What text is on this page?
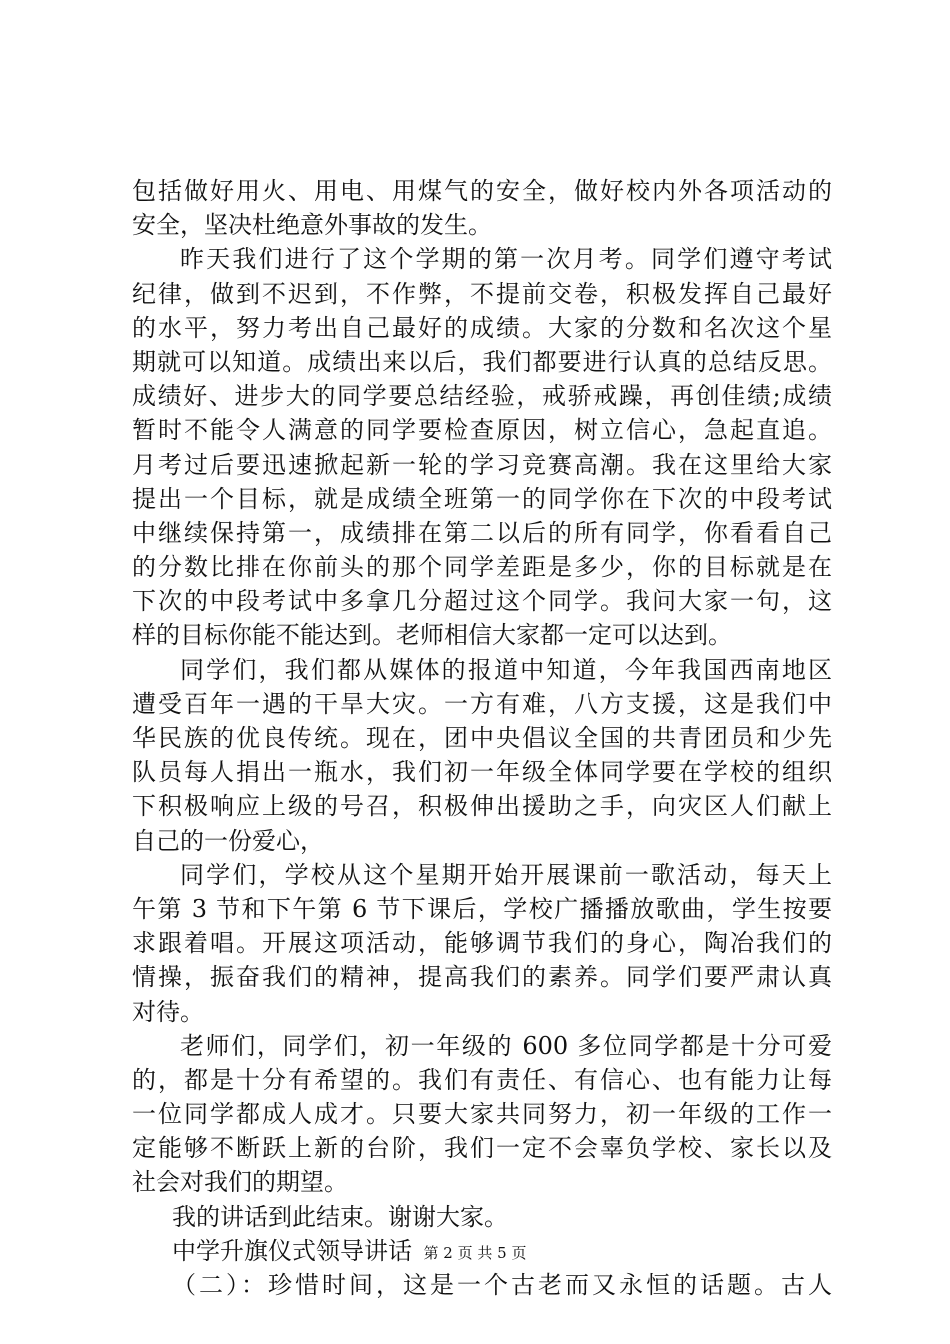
包括做好用火、用电、用煤气的安全，做好校内外各项活动的
安全，坚决杜绝意外事故的发生。
昨天我们进行了这个学期的第一次月考。同学们遵守考试
纪律，做到不迟到，不作弊，不提前交卷，积极发挥自己最好
的水平，努力考出自己最好的成绩。大家的分数和名次这个星
期就可以知道。成绩出来以后，我们都要进行认真的总结反思。
成绩好、进步大的同学要总结经验，戒骄戒躁，再创佳绩;成绩
暂时不能令人满意的同学要检查原因，树立信心，急起直追。
月考过后要迅速掀起新一轮的学习竞赛高潮。我在这里给大家
提出一个目标，就是成绩全班第一的同学你在下次的中段考试
中继续保持第一，成绩排在第二以后的所有同学，你看看自己
的分数比排在你前头的那个同学差距是多少，你的目标就是在
下次的中段考试中多拿几分超过这个同学。我问大家一句，这
样的目标你能不能达到。老师相信大家都一定可以达到。
同学们，我们都从媒体的报道中知道，今年我国西南地区
遭受百年一遇的干旱大灾。一方有难，八方支援，这是我们中
华民族的优良传统。现在，团中央倡议全国的共青团员和少先
队员每人捐出一瓶水，我们初一年级全体同学要在学校的组织
下积极响应上级的号召，积极伸出援助之手，向灾区人们献上
自己的一份爱心，
同学们，学校从这个星期开始开展课前一歌活动，每天上
午第 3 节和下午第 6 节下课后，学校广播播放歌曲，学生按要
求跟着唱。开展这项活动，能够调节我们的身心，陶冶我们的
情操，振奋我们的精神，提高我们的素养。同学们要严肃认真
对待。
老师们，同学们，初一年级的 600 多位同学都是十分可爱
的，都是十分有希望的。我们有责任、有信心、也有能力让每
一位同学都成人成才。只要大家共同努力，初一年级的工作一
定能够不断跃上新的台阶，我们一定不会辜负学校、家长以及
社会对我们的期望。
我的讲话到此结束。谢谢大家。
中学升旗仪式领导讲话
（二）：珍惜时间，这是一个古老而又永恒的话题。古人
第 2 页 共 5 页
